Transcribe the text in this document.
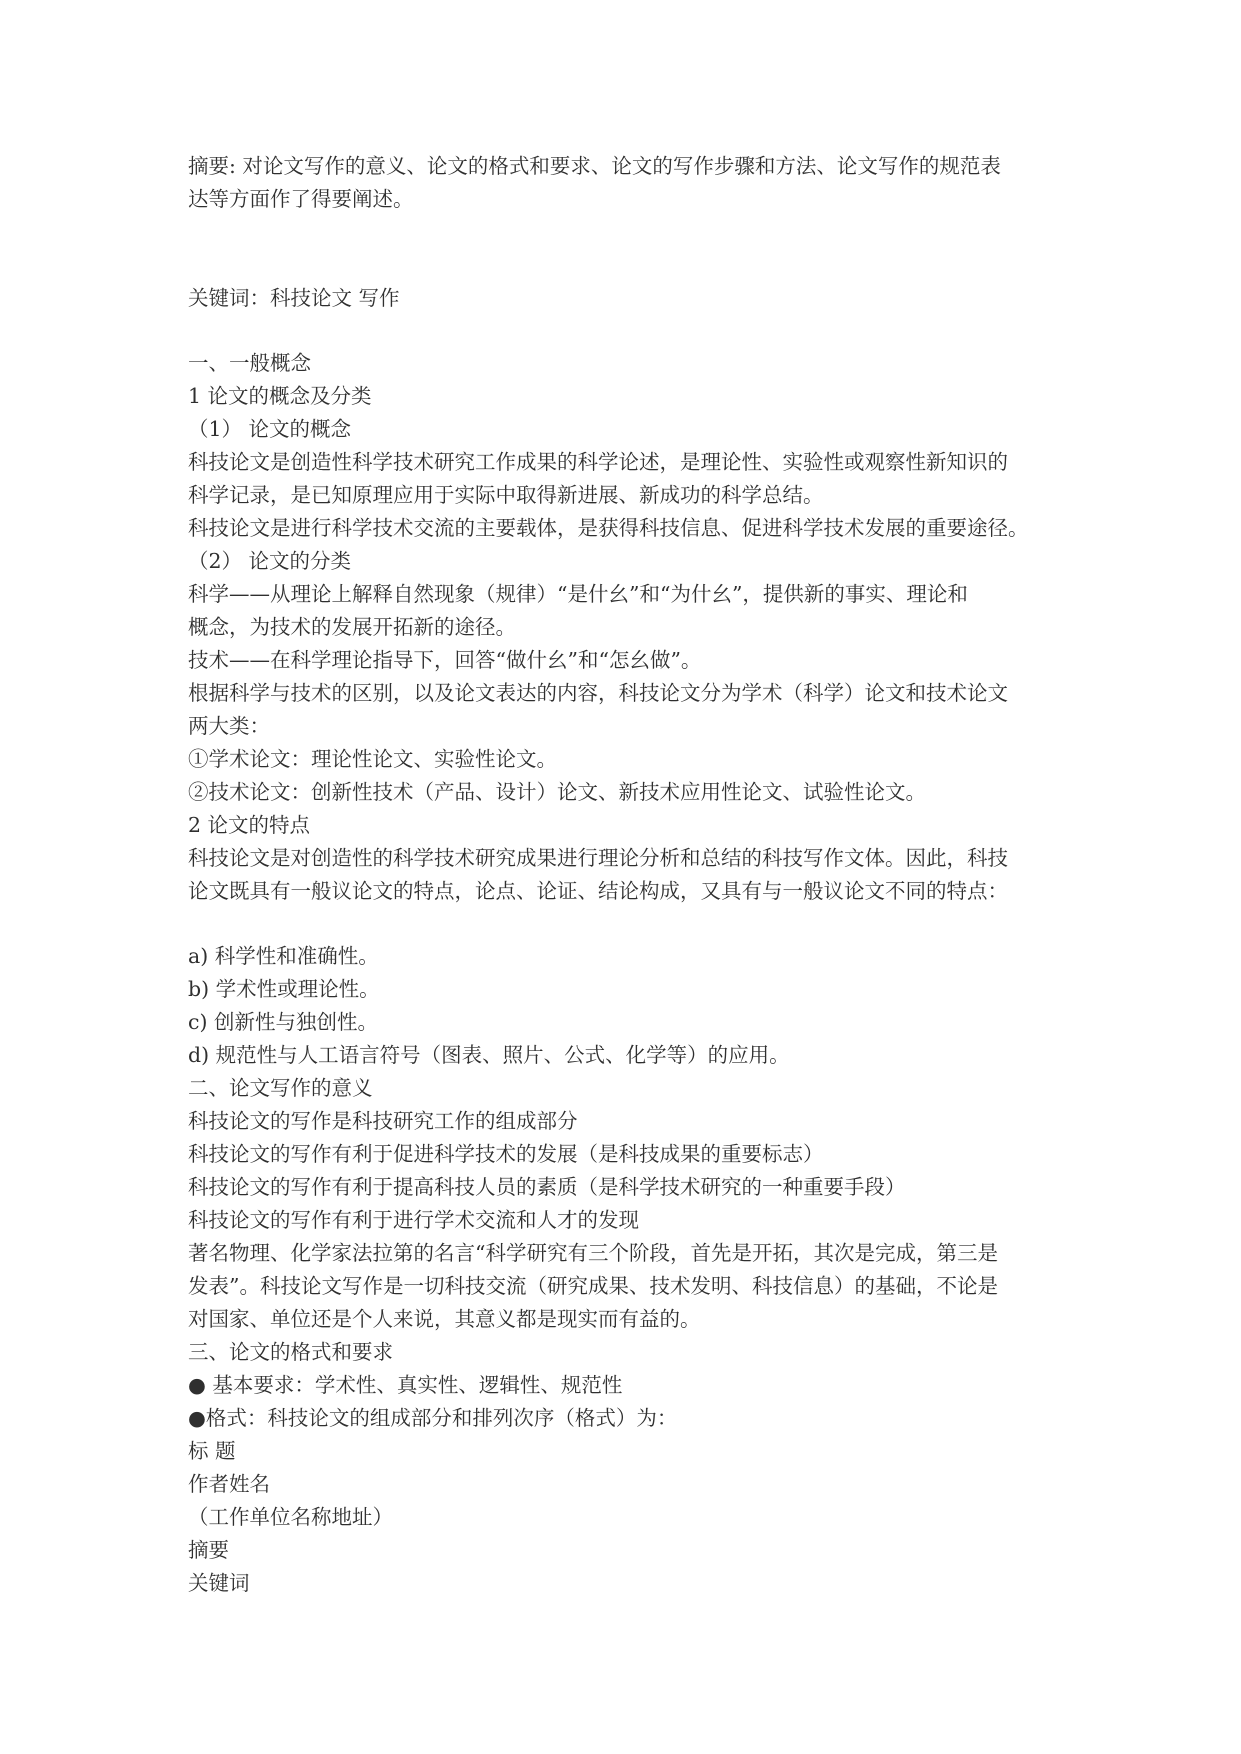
摘要: 对论文写作的意义、论文的格式和要求、论文的写作步骤和方法、论文写作的规范表
达等方面作了得要阐述。
关键词：科技论文 写作
一、一般概念
1 论文的概念及分类
（1） 论文的概念
科技论文是创造性科学技术研究工作成果的科学论述，是理论性、实验性或观察性新知识的
科学记录，是已知原理应用于实际中取得新进展、新成功的科学总结。
科技论文是进行科学技术交流的主要载体，是获得科技信息、促进科学技术发展的重要途径。
（2） 论文的分类
科学——从理论上解释自然现象（规律）“是什幺”和“为什幺”，提供新的事实、理论和
概念，为技术的发展开拓新的途径。
技术——在科学理论指导下，回答“做什幺”和“怎幺做”。
根据科学与技术的区别，以及论文表达的内容，科技论文分为学术（科学）论文和技术论文
两大类：
①学术论文：理论性论文、实验性论文。
②技术论文：创新性技术（产品、设计）论文、新技术应用性论文、试验性论文。
2 论文的特点
科技论文是对创造性的科学技术研究成果进行理论分析和总结的科技写作文体。因此，科技
论文既具有一般议论文的特点，论点、论证、结论构成，又具有与一般议论文不同的特点：
a) 科学性和准确性。
b) 学术性或理论性。
c) 创新性与独创性。
d) 规范性与人工语言符号（图表、照片、公式、化学等）的应用。
二、论文写作的意义
科技论文的写作是科技研究工作的组成部分
科技论文的写作有利于促进科学技术的发展（是科技成果的重要标志）
科技论文的写作有利于提高科技人员的素质（是科学技术研究的一种重要手段）
科技论文的写作有利于进行学术交流和人才的发现
著名物理、化学家法拉第的名言“科学研究有三个阶段，首先是开拓，其次是完成，第三是
发表”。科技论文写作是一切科技交流（研究成果、技术发明、科技信息）的基础，不论是
对国家、单位还是个人来说，其意义都是现实而有益的。
三、论文的格式和要求
● 基本要求：学术性、真实性、逻辑性、规范性
●格式：科技论文的组成部分和排列次序（格式）为：
标 题
作者姓名
（工作单位名称地址）
摘要
关键词
